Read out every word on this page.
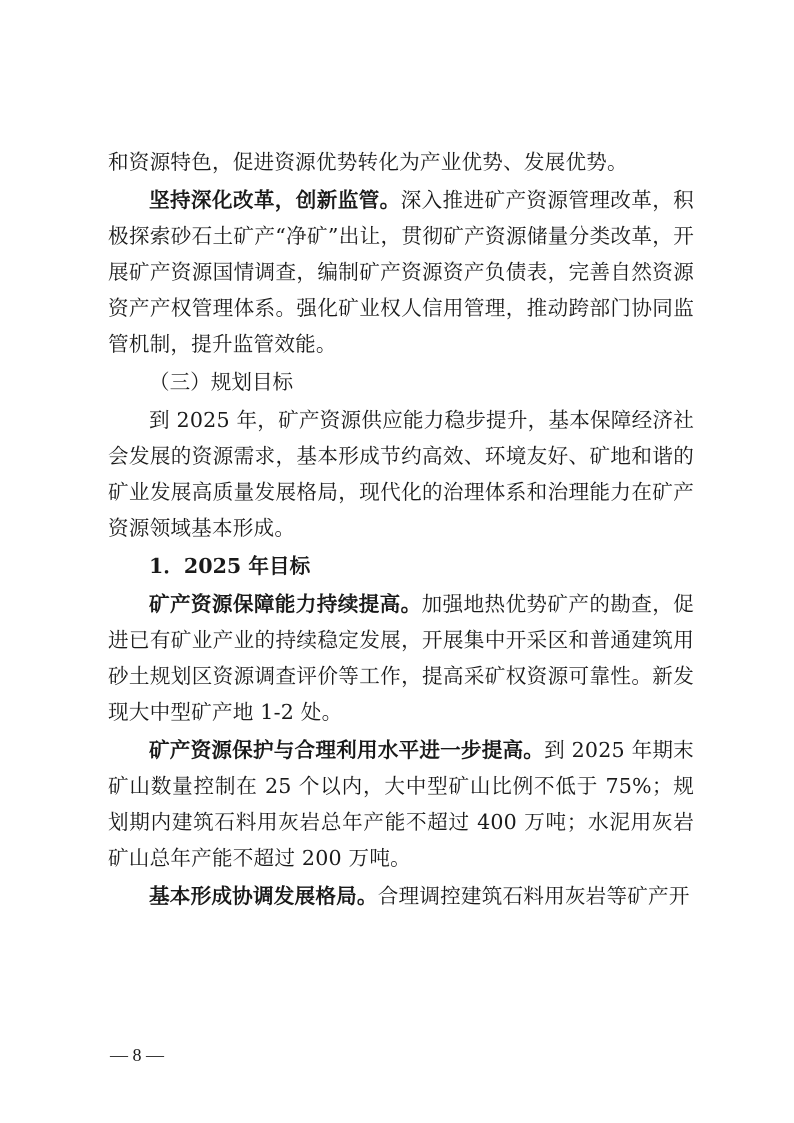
和资源特色，促进资源优势转化为产业优势、发展优势。

坚持深化改革，创新监管。深入推进矿产资源管理改革，积极探索砂石土矿产“净矿”出让，贯彻矿产资源储量分类改革，开展矿产资源国情调查，编制矿产资源资产负债表，完善自然资源资产产权管理体系。强化矿业权人信用管理，推动跨部门协同监管机制，提升监管效能。

（三）规划目标

到 2025 年，矿产资源供应能力稳步提升，基本保障经济社会发展的资源需求，基本形成节约高效、环境友好、矿地和谐的矿业发展高质量发展格局，现代化的治理体系和治理能力在矿产资源领域基本形成。

1．2025 年目标

矿产资源保障能力持续提高。加强地热优势矿产的勘查，促进已有矿业产业的持续稳定发展，开展集中开采区和普通建筑用砂土规划区资源调查评价等工作，提高采矿权资源可靠性。新发现大中型矿产地 1-2 处。

矿产资源保护与合理利用水平进一步提高。到 2025 年期末矿山数量控制在 25 个以内，大中型矿山比例不低于 75%；规划期内建筑石料用灰岩总年产能不超过 400 万吨；水泥用灰岩矿山总年产能不超过 200 万吨。

基本形成协调发展格局。合理调控建筑石料用灰岩等矿产开

— 8 —
